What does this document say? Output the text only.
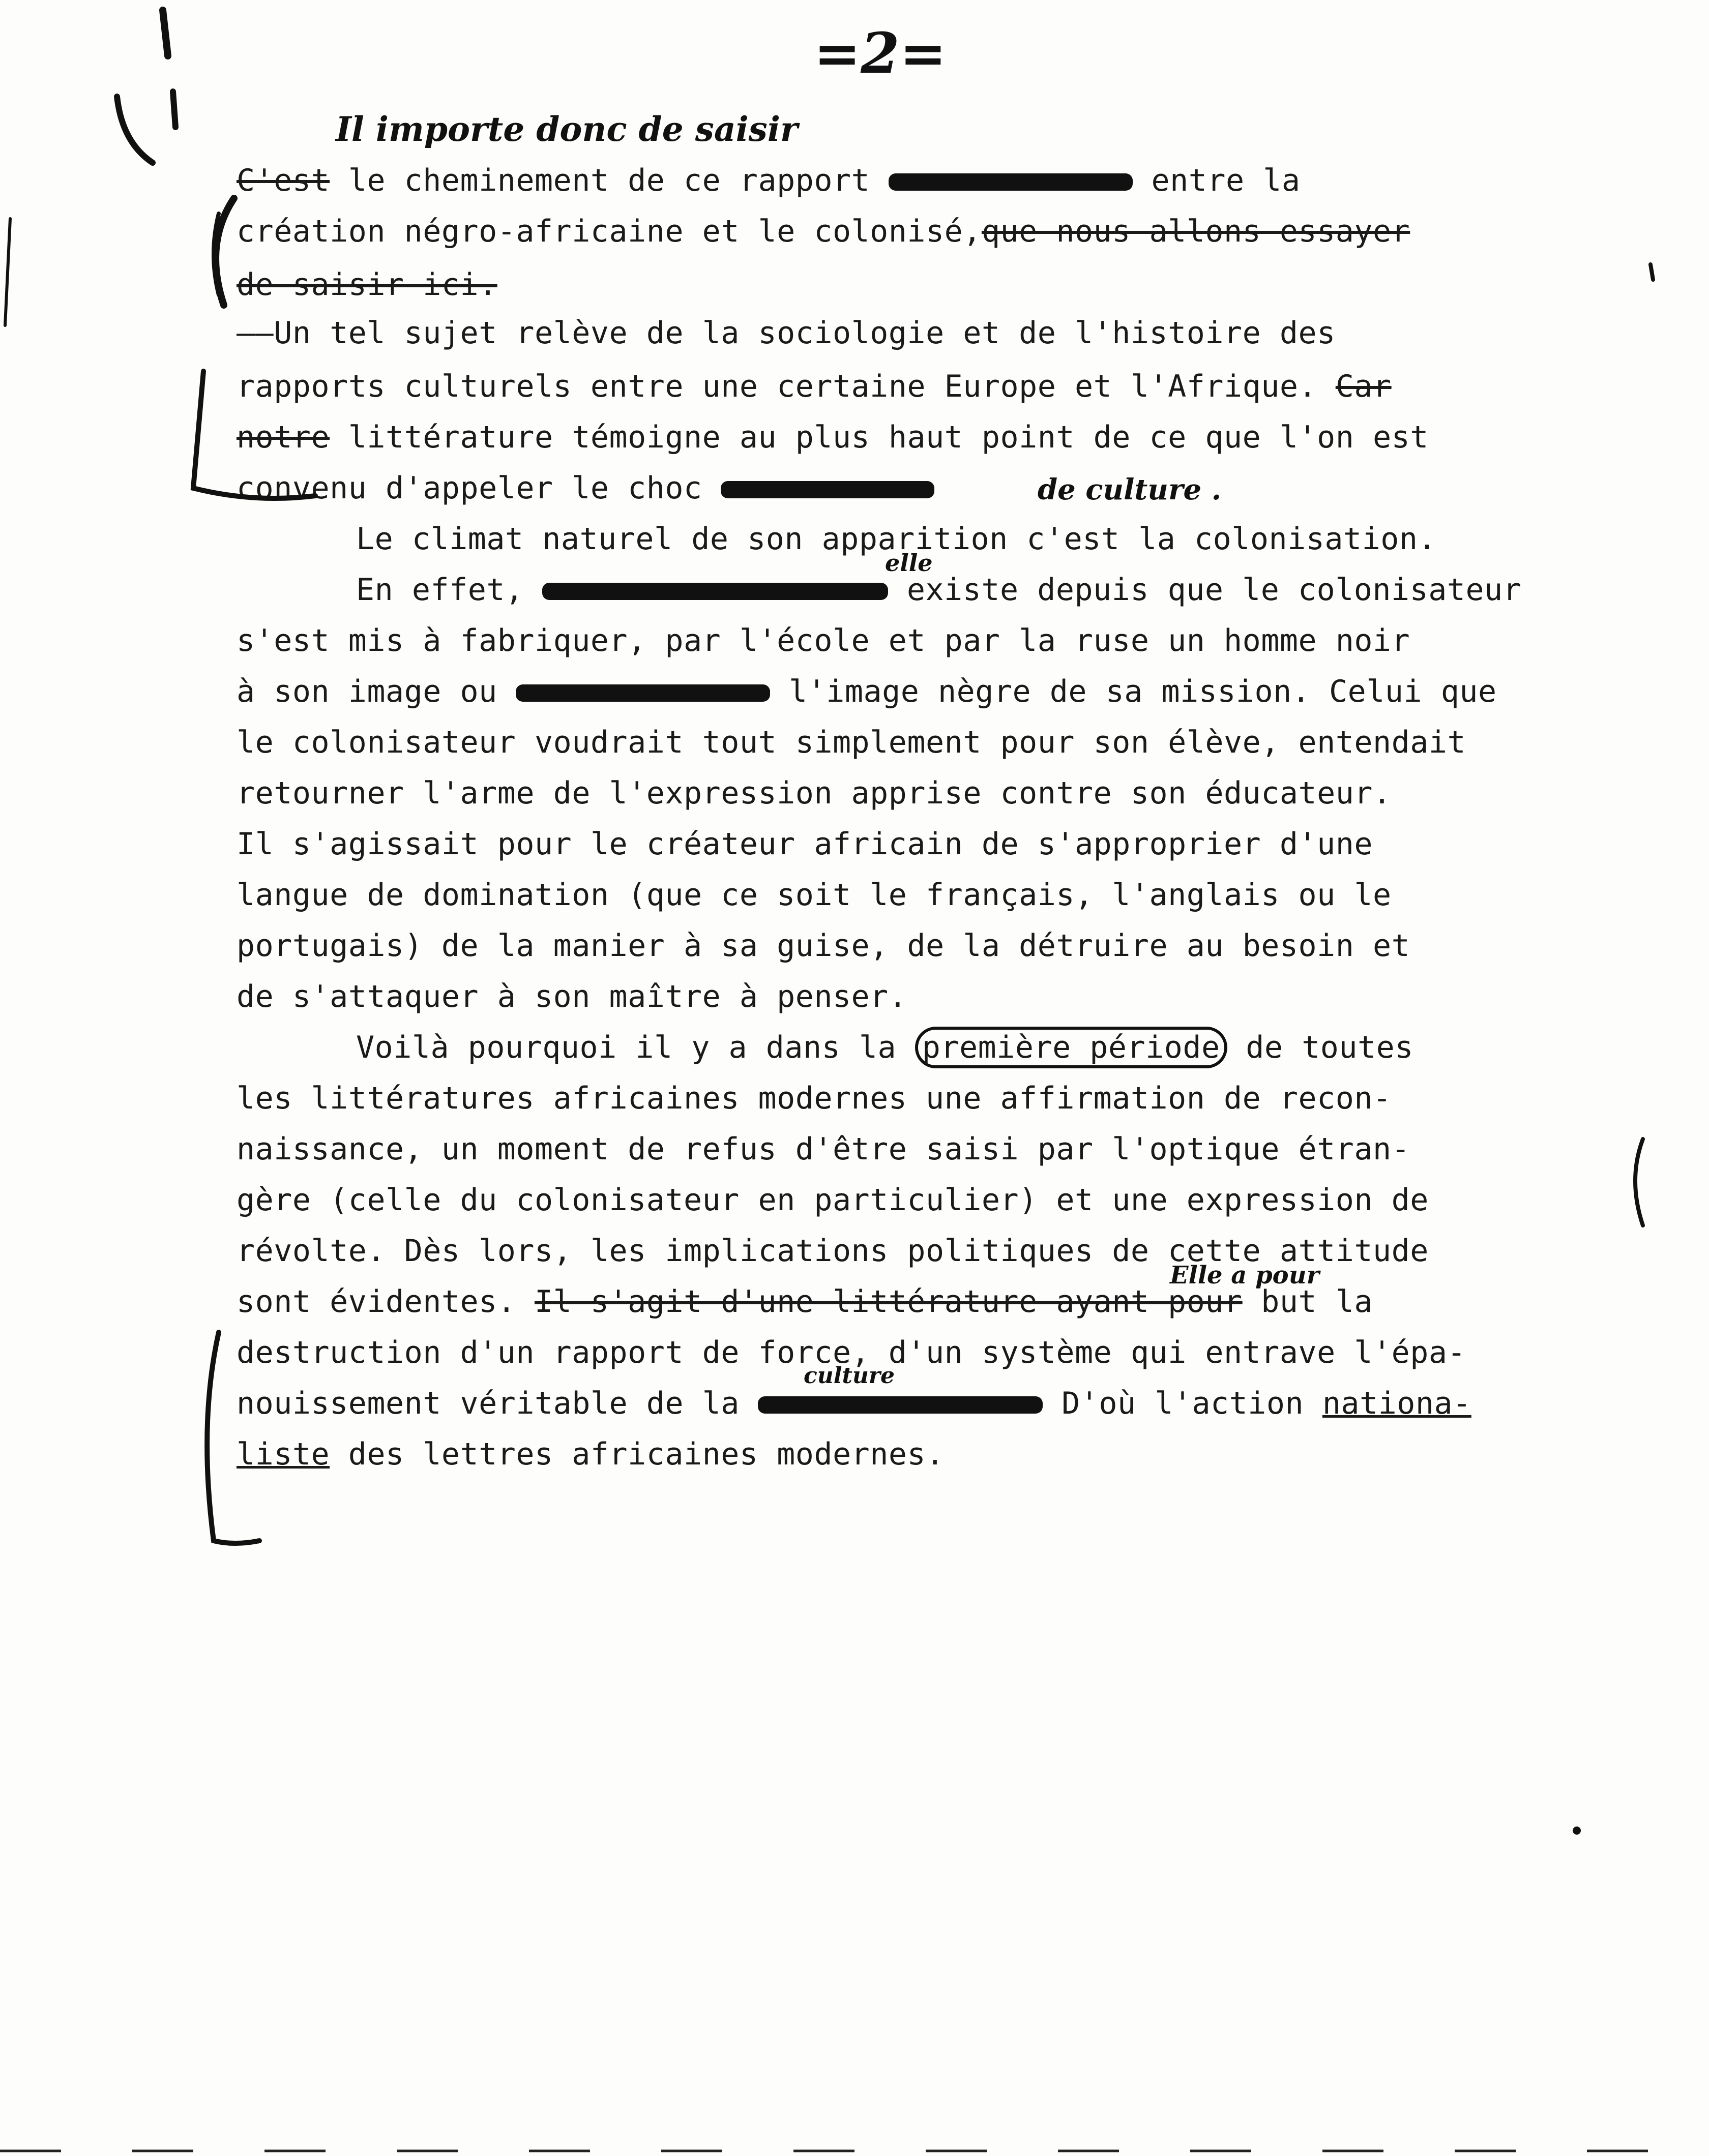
=2=
Il importe donc de saisir
C'est le cheminement de ce rapport	entre la
création négro-africaine et le colonisé,que nous allons essayer
de saisir ici.
——Un tel sujet relève de la sociologie et de l'histoire des
rapports culturels entre une certaine Europe et l'Afrique. Car
notre littérature témoigne au plus haut point de ce que l'on est
convenu d'appeler le choc	de culture .
Le climat naturel de son apparition c'est la colonisation.
elle
En effet,	existe depuis que le colonisateur
s'est mis à fabriquer, par l'école et par la ruse un homme noir
à son image ou	l'image nègre de sa mission. Celui que
le colonisateur voudrait tout simplement pour son élève, entendait
retourner l'arme de l'expression apprise contre son éducateur.
Il s'agissait pour le créateur africain de s'approprier d'une
langue de domination (que ce soit le français, l'anglais ou le
portugais) de la manier à sa guise, de la détruire au besoin et
de s'attaquer à son maître à penser.
Voilà pourquoi il y a dans la première période de toutes
les littératures africaines modernes une affirmation de recon-
naissance, un moment de refus d'être saisi par l'optique étran-
gère (celle du colonisateur en particulier) et une expression de
révolte. Dès lors, les implications politiques de cette attitude
sont évidentes. Il s'agit d'une littérature ayant pour but la
Elle a pour
destruction d'un rapport de force, d'un système qui entrave l'épa-
culture
nouissement véritable de la	D'où l'action nationa-
liste des lettres africaines modernes.
